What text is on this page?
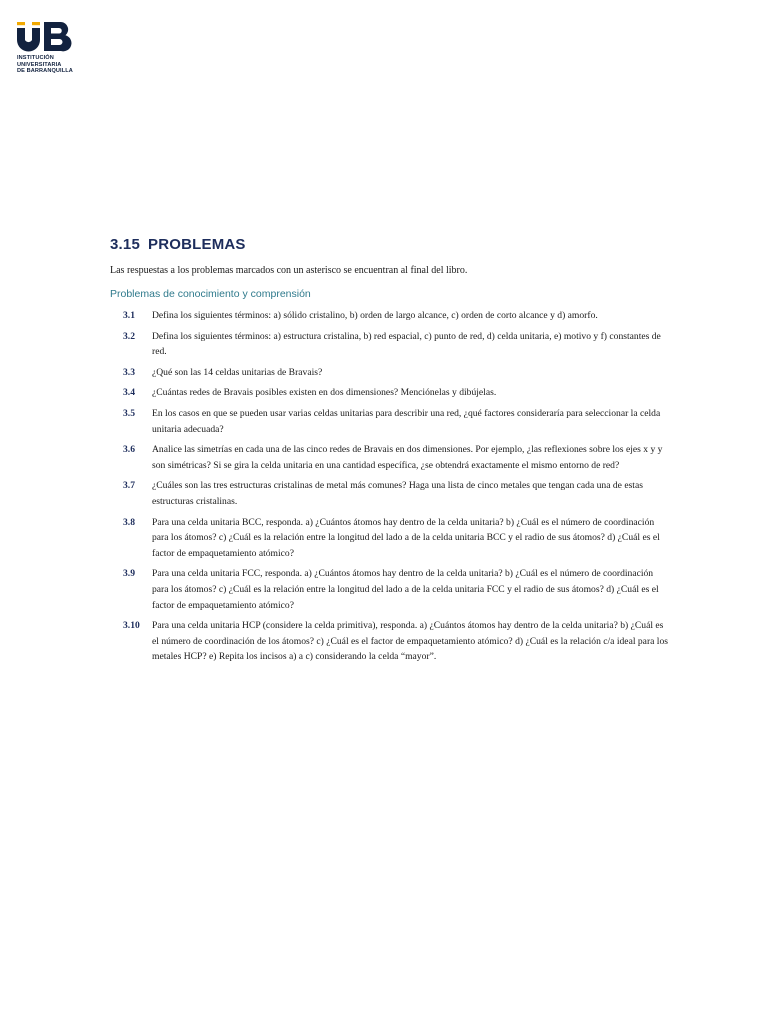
INSTITUCIÓN
UNIVERSITARIA
DE BARRANQUILLA
3.15 PROBLEMAS

Las respuestas a los problemas marcados con un asterisco se encuentran al final del libro.

Problemas de conocimiento y comprensión
3.1 Defina los siguientes términos: a) sólido cristalino, b) orden de largo alcance, c) orden de corto alcance y d) amorfo.
3.2 Defina los siguientes términos: a) estructura cristalina, b) red espacial, c) punto de red, d) celda unitaria, e) motivo y f) constantes de red.
3.3 ¿Qué son las 14 celdas unitarias de Bravais?
3.4 ¿Cuántas redes de Bravais posibles existen en dos dimensiones? Menciónelas y dibújelas.
3.5 En los casos en que se pueden usar varias celdas unitarias para describir una red, ¿qué factores consideraría para seleccionar la celda unitaria adecuada?
3.6 Analice las simetrías en cada una de las cinco redes de Bravais en dos dimensiones. Por ejemplo, ¿las reflexiones sobre los ejes x y y son simétricas? Si se gira la celda unitaria en una cantidad específica, ¿se obtendrá exactamente el mismo entorno de red?
3.7 ¿Cuáles son las tres estructuras cristalinas de metal más comunes? Haga una lista de cinco metales que tengan cada una de estas estructuras cristalinas.
3.8 Para una celda unitaria BCC, responda. a) ¿Cuántos átomos hay dentro de la celda unitaria? b) ¿Cuál es el número de coordinación para los átomos? c) ¿Cuál es la relación entre la longitud del lado a de la celda unitaria BCC y el radio de sus átomos? d) ¿Cuál es el factor de empaquetamiento atómico?
3.9 Para una celda unitaria FCC, responda. a) ¿Cuántos átomos hay dentro de la celda unitaria? b) ¿Cuál es el número de coordinación para los átomos? c) ¿Cuál es la relación entre la longitud del lado a de la celda unitaria FCC y el radio de sus átomos? d) ¿Cuál es el factor de empaquetamiento atómico?
3.10 Para una celda unitaria HCP (considere la celda primitiva), responda. a) ¿Cuántos átomos hay dentro de la celda unitaria? b) ¿Cuál es el número de coordinación de los átomos? c) ¿Cuál es el factor de empaquetamiento atómico? d) ¿Cuál es la relación c/a ideal para los metales HCP? e) Repita los incisos a) a c) considerando la celda “mayor”.
